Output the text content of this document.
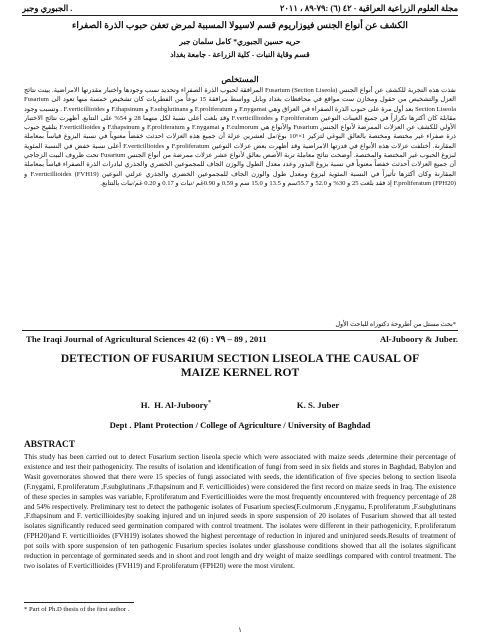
الجبوري وجبر .	مجلة العلوم الزراعية العراقية - ٤٢ (٦) :٧٩-٨٩ ، ٢٠١١
الكشف عن أنواع الجنس فيوزاريوم قسم لاسيولا المسببة لمرض تعفن حبوب الذرة الصفراء
حريه حسين الجبوري* كامل سلمان جبر
قسم وقاية النبات - كلية الزراعة - جامعة بغداد
المستخلص
نفذت هذه التجربة للكشف عن أنواع الجنس Fusarium (Section Liseola) المرافقة لحبوب الذرة الصفراء وتحديد نسب وجودها واختبار مقدرتها الامراضية. بينت نتائج العزل والتشخيص من حقول ومخازن ست مواقع في محافظات بغداد وبابل وواسط مرافقة 15 نوعاً من الفطريات كان تشخيص خمسة منها تعود الى Fusarium Section Liseola بعد أول مرة على حبوب الذرة الصفراء في العراق وهي F.nygamai و F.proliferatum و F.subglutinans و F.thapsinum و F.verticillioides . وتسبب وجود مقابلة كان أكثرها تكراراً في جميع العينات النوعين F.proliferatum و F.verticillioides وقد بلغت أعلى نسبة لكل منهما 28 و 54% على التتابع. أظهرت نتائج الاختبار الأولي للكشف عن العزلات الممرضة لأنواع الجنس Fusarium والأنواع هي F.culmorum و F.nygamai و F.proliferatum و F.thapsinum و F.verticillioides بتلقيح حبوب ذرة صفراء غير مختصة ومختصة بالعالق البوغي لتركيز 1×10⁶ بوغ/مل لعشرين عزلة أن جميع هذه العزلات احدثت خفضاً معنوياً في نسبة البزوغ قياساً بمعاملة المقارنة. أختلفت عزلات هذه الأنواع في قدرتها الامراضية وقد أظهرت بعض عزلات النوعين F.proliferatum و F.verticillioides أعلى نسبة خفض في النسبة المئوية لبزوغ الحبوب غير المختصة والمختصة. أوضحت نتائج معاملة تربة الأصص بعالق لأنواع عشر عزلات ممرضة من أنواع الجنس Fusarium تحت ظروف البيت الزجاجي أن جميع العزلات أحدثت خفضاً معنوياً في نسبة بزوغ البذور وعدد معدل الطول والوزن الجاف للمجموعين الخضري والجذري لبادرات الذرة الصفراء قياساً بمعاملة المقارنة وكان أكثرها تأثيراً في النسبة المئوية لبزوغ ومعدل طول والوزن الجاف للمجموعين الخضري والجذري عزلتي النوعين F.verticillioides (FVH19) و F.proliferatum (FPH20) إذ فقد بلغت 25 و 30% و 52.0 و 55.7سم و 13.5 و 15.0 سم و 0.59 و 0.90غم /نبات و 0.17 و 0.20 غم/نبات بالتتابع.
*بحث مستل من أطروحة دكتوراه للباحث الأول
The Iraqi Journal of Agricultural Sciences 42 (6) : ٧٩ – 89 , 2011	Al-Juboory & Juber.
DETECTION OF FUSARIUM SECTION LISEOLA THE CAUSAL OF
MAIZE KERNEL ROT
H.  H. Al-Juboory*	K. S. Juber
Dept . Plant Protection / College of Agriculture / University of Baghdad
ABSTRACT
This study has been carried out to detect Fusarium section liseola specie which were associated with maize seeds ,determine their percentage of existence and test their pathogenicity. The results of isolation and identification of fungi from seed in six fields and stores in Baghdad, Babylon and Wasit governorates showed that there were 15 species of fungi associated with seeds, the identification of five species belong to section liseola (F.nygami, F.proliferatum ,F.subglutinans ,F.thapsinum and F. verticillioides) were considered the first record on maize seeds in Iraq. The existence of these species in samples was variable, F.proliferatum and F.verticillioides were the most frequently encountered with frequency percentage of 28 and 54% respectively. Preliminary test to detect the pathogenic isolates of Fusarium species(F.culmorum ,F.nygamu, F.proliferatum ,F.subglutinans ,F.thapsinum and F. verticillioides)by soaking injured and un injured seeds in spore suspension of 20 isolates of Fusarium showed that all tested isolates significantly reduced seed germination compared with control treatment. The isolates were different in their pathogenicity, F.proliferatum (FPH20)and F. verticillioides (FVH19) isolates showed the highest percentage of reduction in injured and uninjured seeds.Results of treatment of pot soils with spore suspension of ten pathogenic Fusarium species isolates under glasshouse conditions showed that all the isolates significant reduction in percentage of germinated seeds and in shoot and root length and dry weight of maize seedlings compared with control treatment. The two isolates of F.verticillioides (FVH19) and F.proliferatum (FPH20) were the most virulent.
* Part of Ph.D thesis of the first author .
١
